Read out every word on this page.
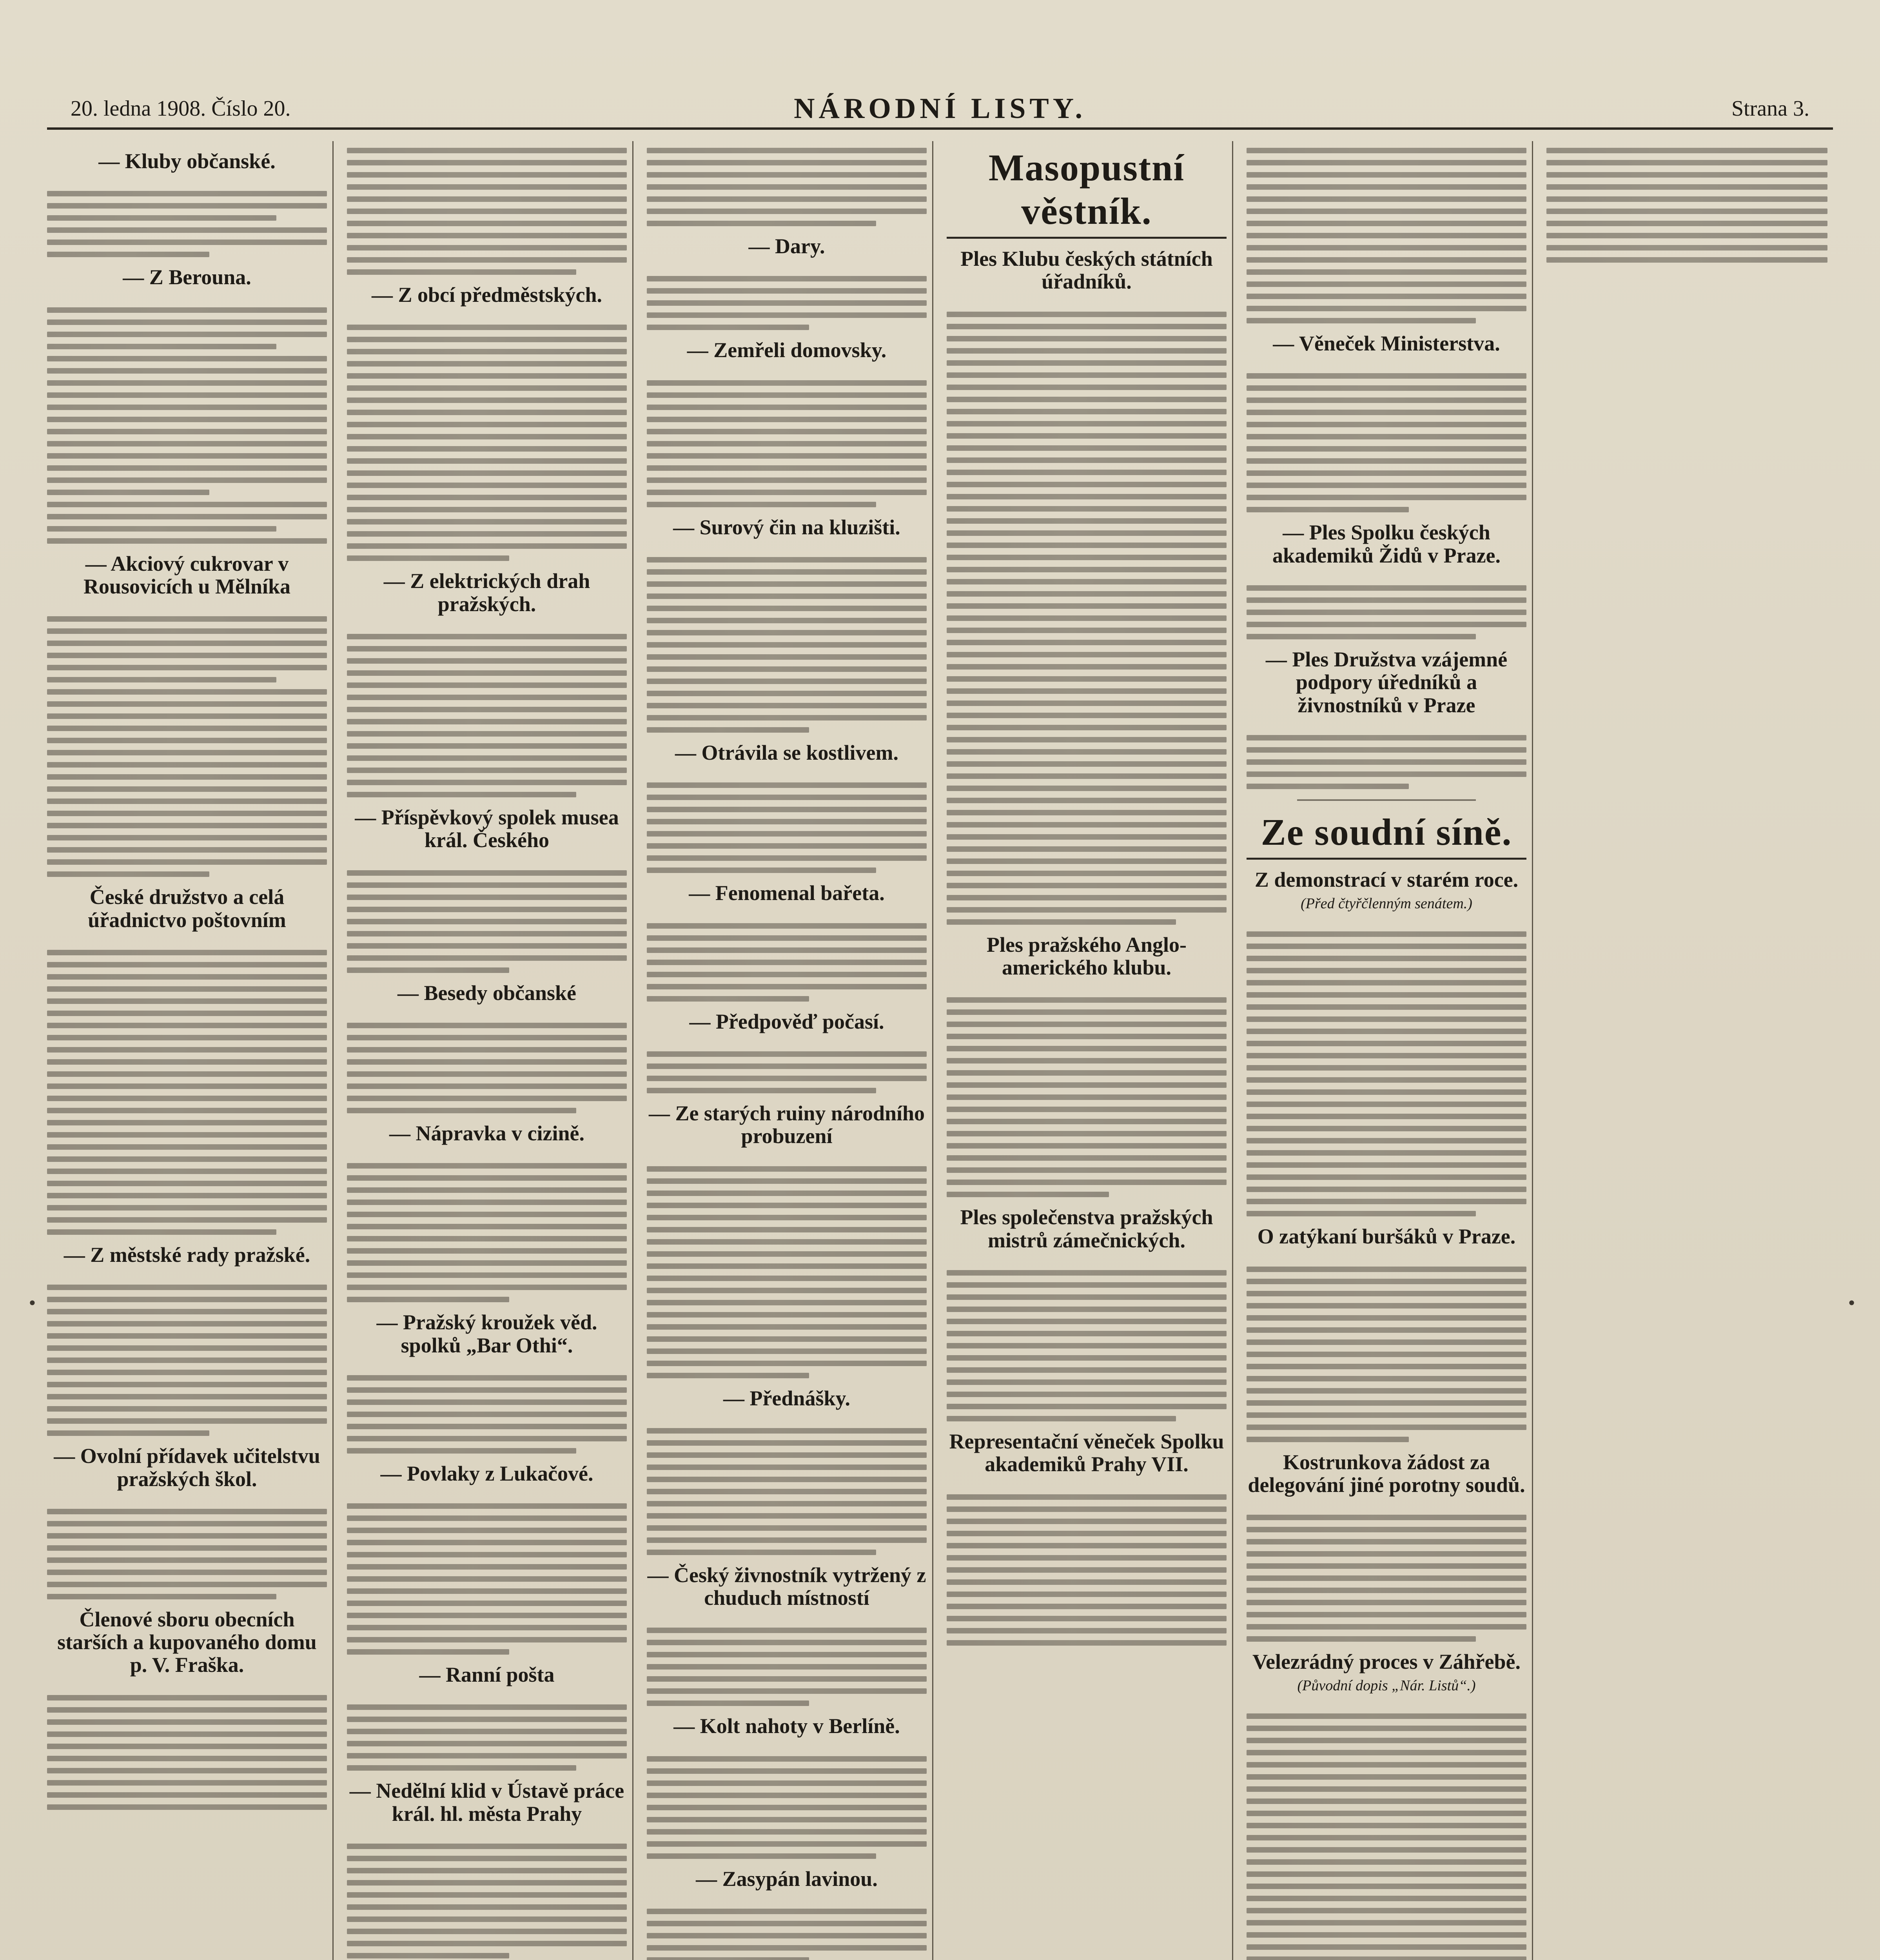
20. ledna 1908. Číslo 20.	NÁRODNÍ LISTY.	Strana 3.
— Kluby občanské.
— Z Berouna.
— Akciový cukrovar v Rousovicích u Mělníka
České družstvo a celá úřadnictvo poštovním
— Z městské rady pražské.
— Ovolní přídavek učitelstvu pražských škol.
Členové sboru obecních starších a kupovaného domu p. V. Fraška.
— Z obcí předměstských.
— Z elektrických drah pražských.
— Příspěvkový spolek musea král. Českého
— Besedy občanské
— Nápravka v cizině.
— Pražský kroužek věd. spolků „Bar Othi“.
— Povlaky z Lukačové.
— Ranní pošta
— Nedělní klid v Ústavě práce král. hl. města Prahy
— Dary.
— Zemřeli domovsky.
— Surový čin na kluzišti.
— Otrávila se kostlivem.
— Fenomenal bařeta.
— Předpověď počasí.
— Ze starých ruiny národního probuzení
— Přednášky.
— Český živnostník vytržený z chuduch místností
— Kolt nahoty v Berlíně.
— Zasypán lavinou.
Masopustní věstník.
Ples Klubu českých státních úřadníků.
Ples pražského Anglo-amerického klubu.
Ples společenstva pražských mistrů zámečnických.
Representační věneček Spolku akademiků Prahy VII.
— Věneček Ministerstva.
— Ples Spolku českých akademiků Židů v Praze.
— Ples Družstva vzájemné podpory úředníků a živnostníků v Praze
Ze soudní síně.
Z demonstrací v starém roce.
(Před čtyřčlenným senátem.)
O zatýkaní buršáků v Praze.
Kostrunkova žádost za delegování jiné porotny soudů.
Velezrádný proces v Záhřebě.
(Původní dopis „Nár. Listů“.)
•	•
